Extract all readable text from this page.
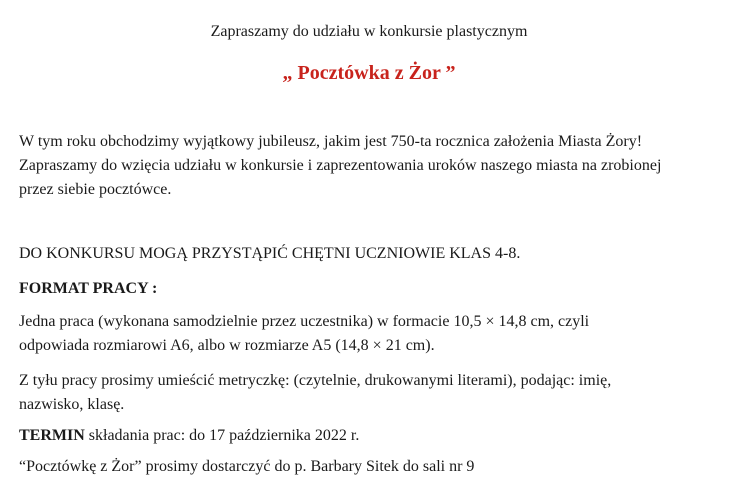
Zapraszamy do udziału w konkursie plastycznym
„ Pocztówka z Żor ”
W tym roku obchodzimy wyjątkowy jubileusz, jakim jest 750-ta rocznica założenia Miasta Żory!
Zapraszamy do wzięcia udziału w konkursie i zaprezentowania uroków naszego miasta na zrobionej
przez siebie pocztówce.
DO KONKURSU MOGĄ PRZYSTĄPIĆ CHĘTNI UCZNIOWIE KLAS 4-8.
FORMAT PRACY :
Jedna praca (wykonana samodzielnie przez uczestnika) w formacie 10,5 × 14,8 cm, czyli
odpowiada rozmiarowi A6, albo w rozmiarze A5 (14,8 × 21 cm).
Z tyłu pracy prosimy umieścić metryczkę: (czytelnie, drukowanymi literami), podając: imię,
nazwisko, klasę.
TERMIN składania prac: do 17 października 2022 r.
“Pocztówkę z Żor” prosimy dostarczyć do p. Barbary Sitek do sali nr 9
